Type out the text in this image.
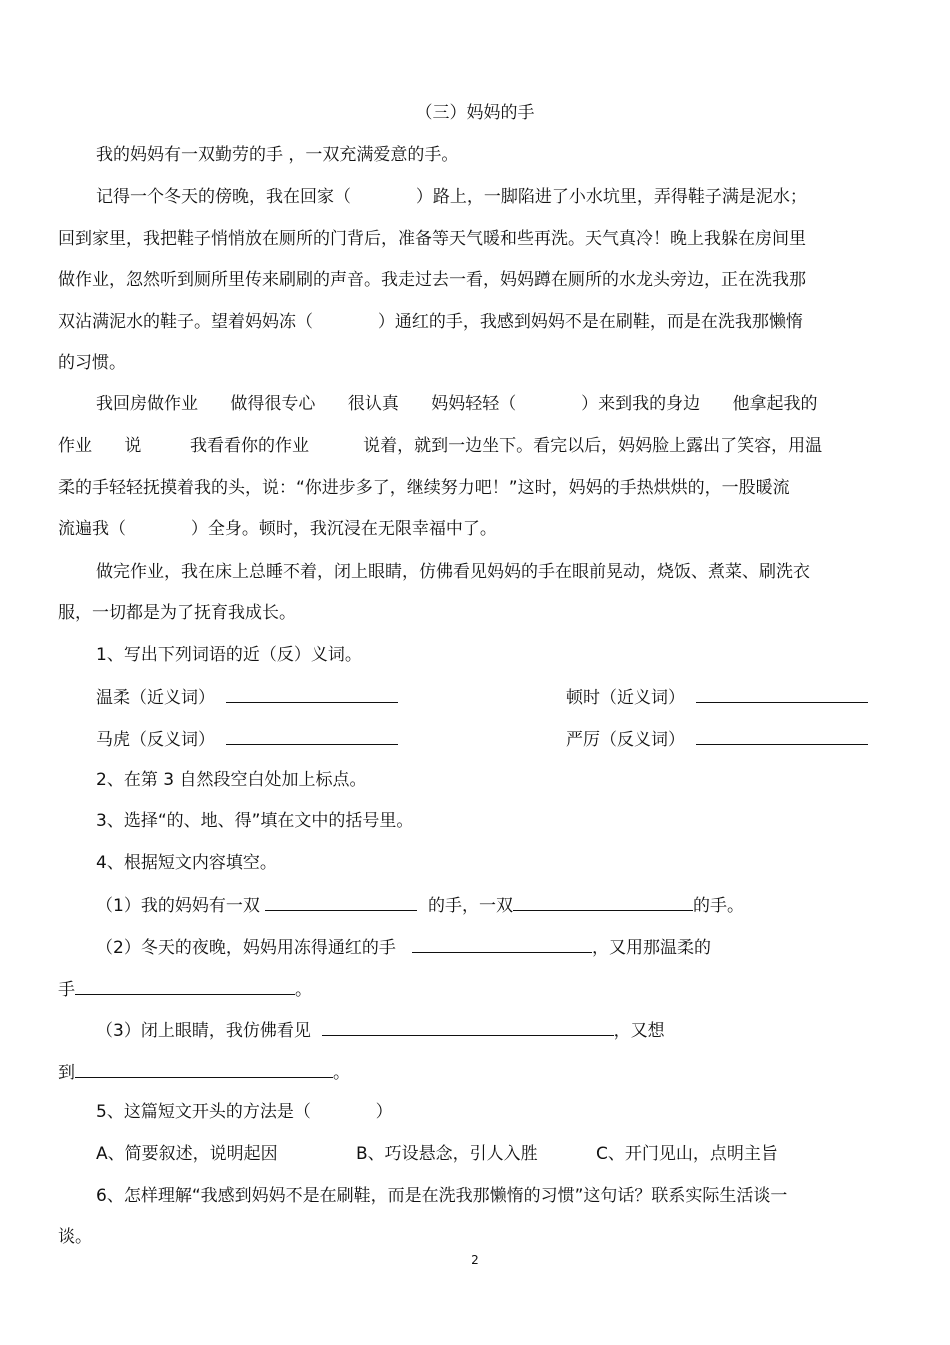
（三）妈妈的手
我的妈妈有一双勤劳的手 ，一双充满爱意的手。
记得一个冬天的傍晚，我在回家（            ）路上，一脚陷进了小水坑里，弄得鞋子满是泥水；
回到家里，我把鞋子悄悄放在厕所的门背后，准备等天气暖和些再洗。天气真冷！晚上我躲在房间里
做作业，忽然听到厕所里传来刷刷的声音。我走过去一看，妈妈蹲在厕所的水龙头旁边，正在洗我那
双沾满泥水的鞋子。望着妈妈冻（            ）通红的手，我感到妈妈不是在刷鞋，而是在洗我那懒惰
的习惯。
我回房做作业      做得很专心      很认真      妈妈轻轻（            ）来到我的身边      他拿起我的
作业      说         我看看你的作业          说着，就到一边坐下。看完以后，妈妈脸上露出了笑容，用温
柔的手轻轻抚摸着我的头，说：“你进步多了，继续努力吧！”这时，妈妈的手热烘烘的，一股暖流
流遍我（            ）全身。顿时，我沉浸在无限幸福中了。
做完作业，我在床上总睡不着，闭上眼睛，仿佛看见妈妈的手在眼前晃动，烧饭、煮菜、刷洗衣
服，一切都是为了抚育我成长。
1、写出下列词语的近（反）义词。
温柔（近义词）	顿时（近义词）
马虎（反义词）	严厉（反义词）
2、在第 3 自然段空白处加上标点。
3、选择“的、地、得”填在文中的括号里。
4、根据短文内容填空。
（1）我的妈妈有一双	的手，一双	的手。
（2）冬天的夜晚，妈妈用冻得通红的手	，又用那温柔的
手	。
（3）闭上眼睛，我仿佛看见	，又想
到	。
5、这篇短文开头的方法是（            ）
A、简要叙述，说明起因	B、巧设悬念，引人入胜	C、开门见山，点明主旨
6、怎样理解“我感到妈妈不是在刷鞋，而是在洗我那懒惰的习惯”这句话？联系实际生活谈一
谈。
2
